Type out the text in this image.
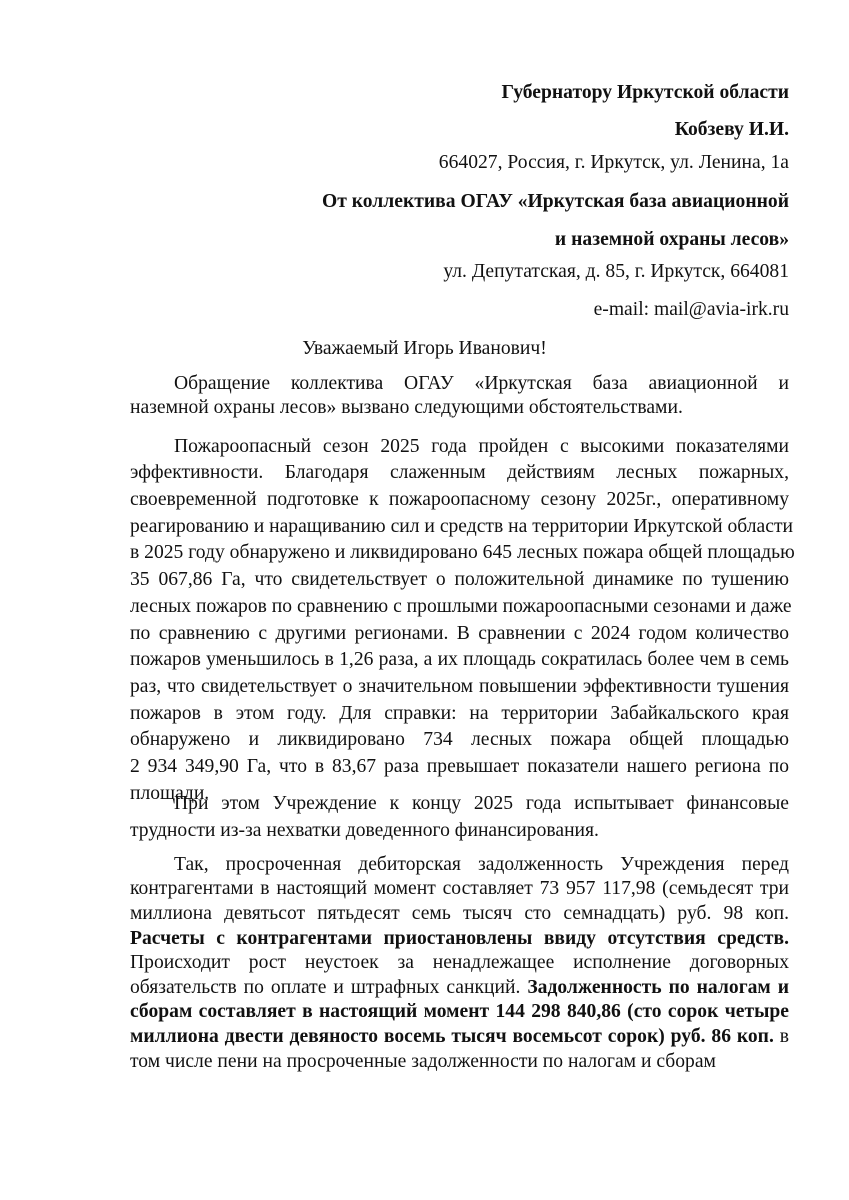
Губернатору Иркутской области
Кобзеву И.И.
664027, Россия, г. Иркутск, ул. Ленина, 1а
От коллектива ОГАУ «Иркутская база авиационной
и наземной охраны лесов»
ул. Депутатская, д. 85, г. Иркутск, 664081
e-mail: mail@avia-irk.ru
Уважаемый Игорь Иванович!
Обращение коллектива ОГАУ «Иркутская база авиационной и
наземной охраны лесов» вызвано следующими обстоятельствами.
Пожароопасный сезон 2025 года пройден с высокими показателями
эффективности. Благодаря слаженным действиям лесных пожарных,
своевременной подготовке к пожароопасному сезону 2025г., оперативному
реагированию и наращиванию сил и средств на территории Иркутской области
в 2025 году обнаружено и ликвидировано 645 лесных пожара общей площадью
35 067,86 Га, что свидетельствует о положительной динамике по тушению
лесных пожаров по сравнению с прошлыми пожароопасными сезонами и даже
по сравнению с другими регионами. В сравнении с 2024 годом количество
пожаров уменьшилось в 1,26 раза, а их площадь сократилась более чем в семь
раз, что свидетельствует о значительном повышении эффективности тушения
пожаров в этом году. Для справки: на территории Забайкальского края
обнаружено и ликвидировано 734 лесных пожара общей площадью
2 934 349,90 Га, что в 83,67 раза превышает показатели нашего региона по
площади.
При этом Учреждение к концу 2025 года испытывает финансовые
трудности из-за нехватки доведенного финансирования.
Так, просроченная дебиторская задолженность Учреждения перед
контрагентами в настоящий момент составляет 73 957 117,98 (семьдесят три
миллиона девятьсот пятьдесят семь тысяч сто семнадцать) руб. 98 коп.
Расчеты с контрагентами приостановлены ввиду отсутствия средств.
Происходит рост неустоек за ненадлежащее исполнение договорных
обязательств по оплате и штрафных санкций. Задолженность по налогам и
сборам составляет в настоящий момент 144 298 840,86 (сто сорок четыре
миллиона двести девяносто восемь тысяч восемьсот сорок) руб. 86 коп. в
том числе пени на просроченные задолженности по налогам и сборам
